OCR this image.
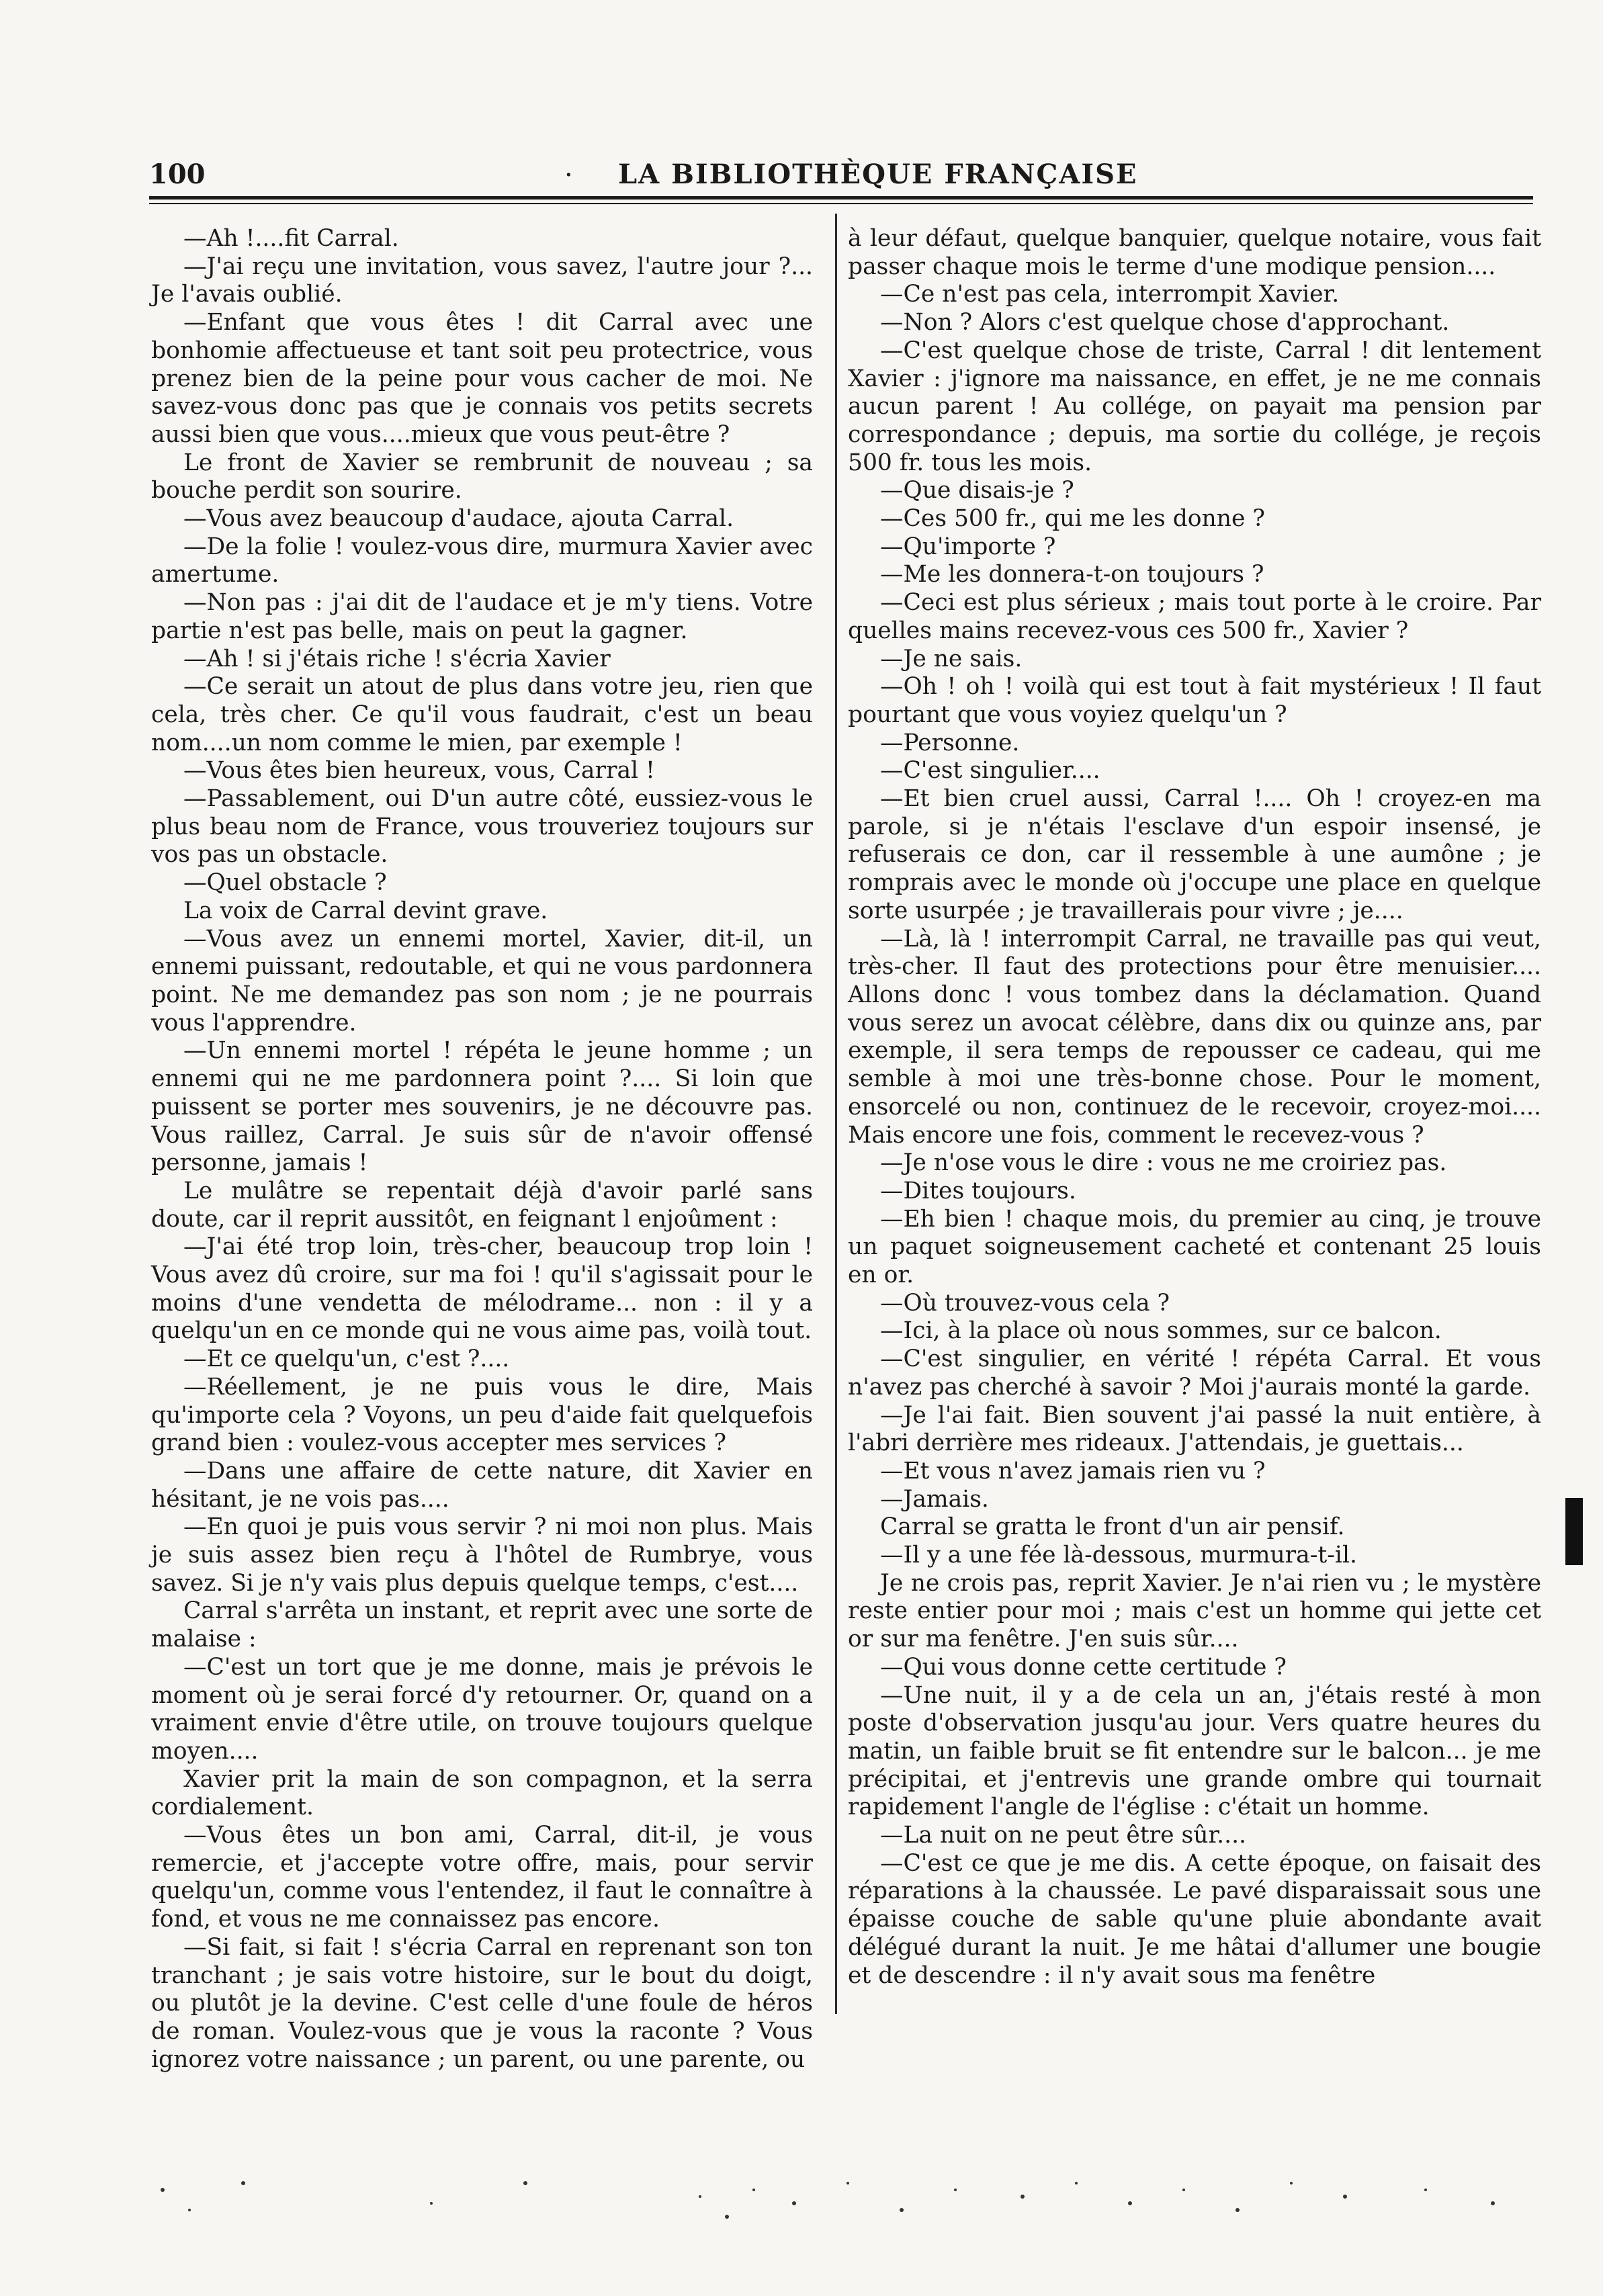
100	· LA BIBLIOTHÈQUE FRANÇAISE

—Ah !....fit Carral.

—J'ai reçu une invitation, vous savez, l'autre jour ?... Je l'avais oublié.

—Enfant que vous êtes ! dit Carral avec une bonhomie affectueuse et tant soit peu protectrice, vous prenez bien de la peine pour vous cacher de moi. Ne savez-vous donc pas que je connais vos petits secrets aussi bien que vous....mieux que vous peut-être ?

Le front de Xavier se rembrunit de nouveau ; sa bouche perdit son sourire.

—Vous avez beaucoup d'audace, ajouta Carral.

—De la folie ! voulez-vous dire, murmura Xavier avec amertume.

—Non pas : j'ai dit de l'audace et je m'y tiens. Votre partie n'est pas belle, mais on peut la gagner.

—Ah ! si j'étais riche ! s'écria Xavier

—Ce serait un atout de plus dans votre jeu, rien que cela, très cher. Ce qu'il vous faudrait, c'est un beau nom....un nom comme le mien, par exemple !

—Vous êtes bien heureux, vous, Carral !

—Passablement, oui D'un autre côté, eussiez-vous le plus beau nom de France, vous trouveriez toujours sur vos pas un obstacle.

—Quel obstacle ?

La voix de Carral devint grave.

—Vous avez un ennemi mortel, Xavier, dit-il, un ennemi puissant, redoutable, et qui ne vous pardonnera point. Ne me demandez pas son nom ; je ne pourrais vous l'apprendre.

—Un ennemi mortel ! répéta le jeune homme ; un ennemi qui ne me pardonnera point ?.... Si loin que puissent se porter mes souvenirs, je ne découvre pas. Vous raillez, Carral. Je suis sûr de n'avoir offensé personne, jamais !

Le mulâtre se repentait déjà d'avoir parlé sans doute, car il reprit aussitôt, en feignant l enjoûment :

—J'ai été trop loin, très-cher, beaucoup trop loin ! Vous avez dû croire, sur ma foi ! qu'il s'agissait pour le moins d'une vendetta de mélodrame... non : il y a quelqu'un en ce monde qui ne vous aime pas, voilà tout.

—Et ce quelqu'un, c'est ?....

—Réellement, je ne puis vous le dire, Mais qu'importe cela ? Voyons, un peu d'aide fait quelquefois grand bien : voulez-vous accepter mes services ?

—Dans une affaire de cette nature, dit Xavier en hésitant, je ne vois pas....

—En quoi je puis vous servir ? ni moi non plus. Mais je suis assez bien reçu à l'hôtel de Rumbrye, vous savez. Si je n'y vais plus depuis quelque temps, c'est....

Carral s'arrêta un instant, et reprit avec une sorte de malaise :

—C'est un tort que je me donne, mais je prévois le moment où je serai forcé d'y retourner. Or, quand on a vraiment envie d'être utile, on trouve toujours quelque moyen....

Xavier prit la main de son compagnon, et la serra cordialement.

—Vous êtes un bon ami, Carral, dit-il, je vous remercie, et j'accepte votre offre, mais, pour servir quelqu'un, comme vous l'entendez, il faut le connaître à fond, et vous ne me connaissez pas encore.

—Si fait, si fait ! s'écria Carral en reprenant son ton tranchant ; je sais votre histoire, sur le bout du doigt, ou plutôt je la devine. C'est celle d'une foule de héros de roman. Voulez-vous que je vous la raconte ? Vous ignorez votre naissance ; un parent, ou une parente, ou

à leur défaut, quelque banquier, quelque notaire, vous fait passer chaque mois le terme d'une modique pension....

—Ce n'est pas cela, interrompit Xavier.

—Non ? Alors c'est quelque chose d'approchant.

—C'est quelque chose de triste, Carral ! dit lentement Xavier : j'ignore ma naissance, en effet, je ne me connais aucun parent ! Au collége, on payait ma pension par correspondance ; depuis, ma sortie du collége, je reçois 500 fr. tous les mois.

—Que disais-je ?

—Ces 500 fr., qui me les donne ?

—Qu'importe ?

—Me les donnera-t-on toujours ?

—Ceci est plus sérieux ; mais tout porte à le croire. Par quelles mains recevez-vous ces 500 fr., Xavier ?

—Je ne sais.

—Oh ! oh ! voilà qui est tout à fait mystérieux ! Il faut pourtant que vous voyiez quelqu'un ?

—Personne.

—C'est singulier....

—Et bien cruel aussi, Carral !.... Oh ! croyez-en ma parole, si je n'étais l'esclave d'un espoir insensé, je refuserais ce don, car il ressemble à une aumône ; je romprais avec le monde où j'occupe une place en quelque sorte usurpée ; je travaillerais pour vivre ; je....

—Là, là ! interrompit Carral, ne travaille pas qui veut, très-cher. Il faut des protections pour être menuisier.... Allons donc ! vous tombez dans la déclamation. Quand vous serez un avocat célèbre, dans dix ou quinze ans, par exemple, il sera temps de repousser ce cadeau, qui me semble à moi une très-bonne chose. Pour le moment, ensorcelé ou non, continuez de le recevoir, croyez-moi.... Mais encore une fois, comment le recevez-vous ?

—Je n'ose vous le dire : vous ne me croiriez pas.

—Dites toujours.

—Eh bien ! chaque mois, du premier au cinq, je trouve un paquet soigneusement cacheté et contenant 25 louis en or.

—Où trouvez-vous cela ?

—Ici, à la place où nous sommes, sur ce balcon.

—C'est singulier, en vérité ! répéta Carral. Et vous n'avez pas cherché à savoir ? Moi j'aurais monté la garde.

—Je l'ai fait. Bien souvent j'ai passé la nuit entière, à l'abri derrière mes rideaux. J'attendais, je guettais...

—Et vous n'avez jamais rien vu ?

—Jamais.

Carral se gratta le front d'un air pensif.

—Il y a une fée là-dessous, murmura-t-il.

Je ne crois pas, reprit Xavier. Je n'ai rien vu ; le mystère reste entier pour moi ; mais c'est un homme qui jette cet or sur ma fenêtre. J'en suis sûr....

—Qui vous donne cette certitude ?

—Une nuit, il y a de cela un an, j'étais resté à mon poste d'observation jusqu'au jour. Vers quatre heures du matin, un faible bruit se fit entendre sur le balcon... je me précipitai, et j'entrevis une grande ombre qui tournait rapidement l'angle de l'église : c'était un homme.

—La nuit on ne peut être sûr....

—C'est ce que je me dis. A cette époque, on faisait des réparations à la chaussée. Le pavé disparaissait sous une épaisse couche de sable qu'une pluie abondante avait délégué durant la nuit. Je me hâtai d'allumer une bougie et de descendre : il n'y avait sous ma fenêtre
